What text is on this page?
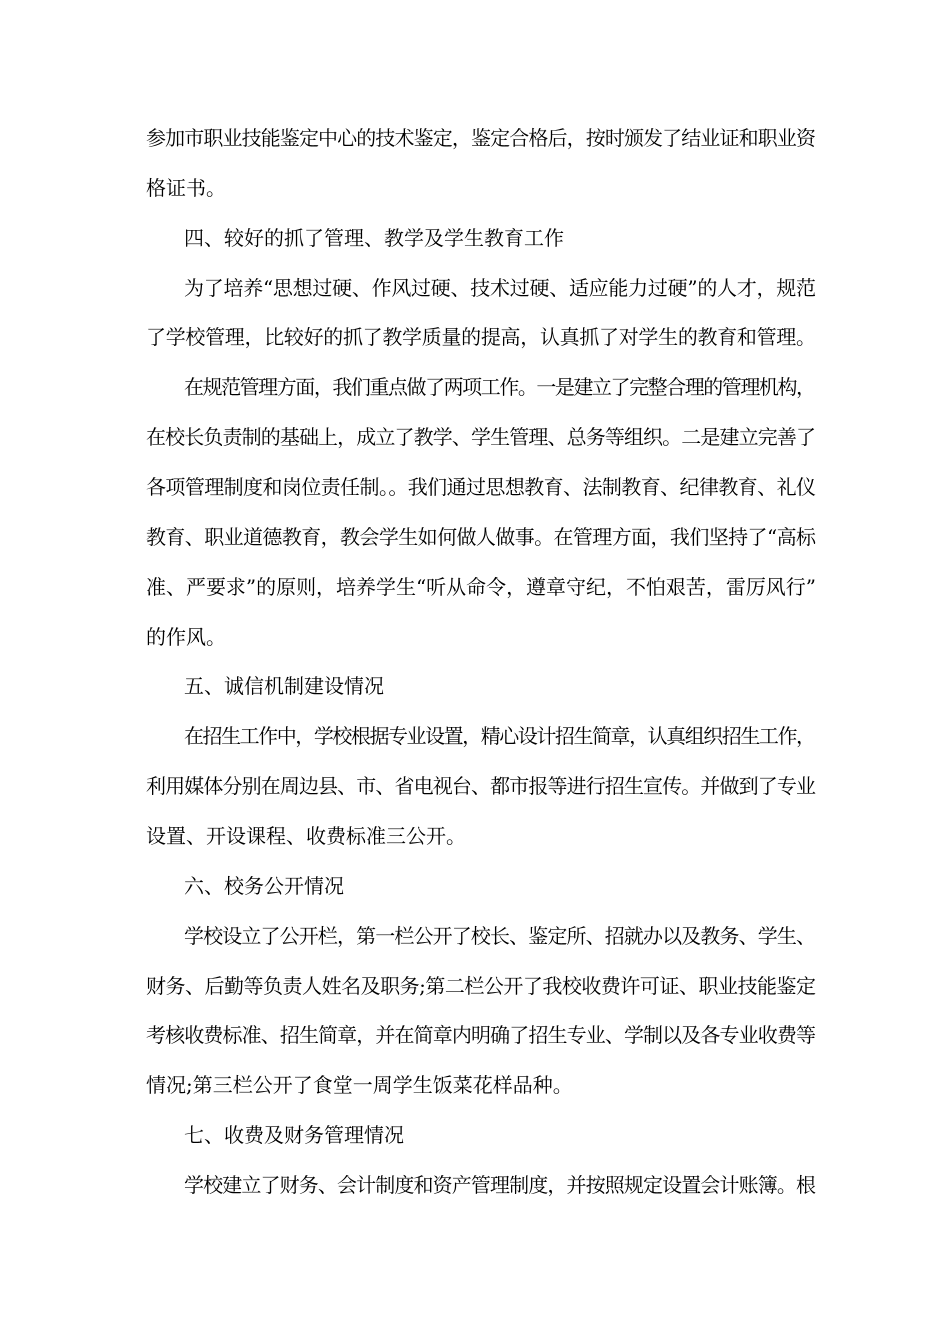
参加市职业技能鉴定中心的技术鉴定，鉴定合格后，按时颁发了结业证和职业资
格证书。
四、较好的抓了管理、教学及学生教育工作
为了培养“思想过硬、作风过硬、技术过硬、适应能力过硬”的人才，规范
了学校管理，比较好的抓了教学质量的提高，认真抓了对学生的教育和管理。
在规范管理方面，我们重点做了两项工作。一是建立了完整合理的管理机构，
在校长负责制的基础上，成立了教学、学生管理、总务等组织。二是建立完善了
各项管理制度和岗位责任制。。我们通过思想教育、法制教育、纪律教育、礼仪
教育、职业道德教育，教会学生如何做人做事。在管理方面，我们坚持了“高标
准、严要求”的原则，培养学生“听从命令，遵章守纪，不怕艰苦，雷厉风行”
的作风。
五、诚信机制建设情况
在招生工作中，学校根据专业设置，精心设计招生简章，认真组织招生工作，
利用媒体分别在周边县、市、省电视台、都市报等进行招生宣传。并做到了专业
设置、开设课程、收费标准三公开。
六、校务公开情况
学校设立了公开栏，第一栏公开了校长、鉴定所、招就办以及教务、学生、
财务、后勤等负责人姓名及职务;第二栏公开了我校收费许可证、职业技能鉴定
考核收费标准、招生简章，并在简章内明确了招生专业、学制以及各专业收费等
情况;第三栏公开了食堂一周学生饭菜花样品种。
七、收费及财务管理情况
学校建立了财务、会计制度和资产管理制度，并按照规定设置会计账簿。根
